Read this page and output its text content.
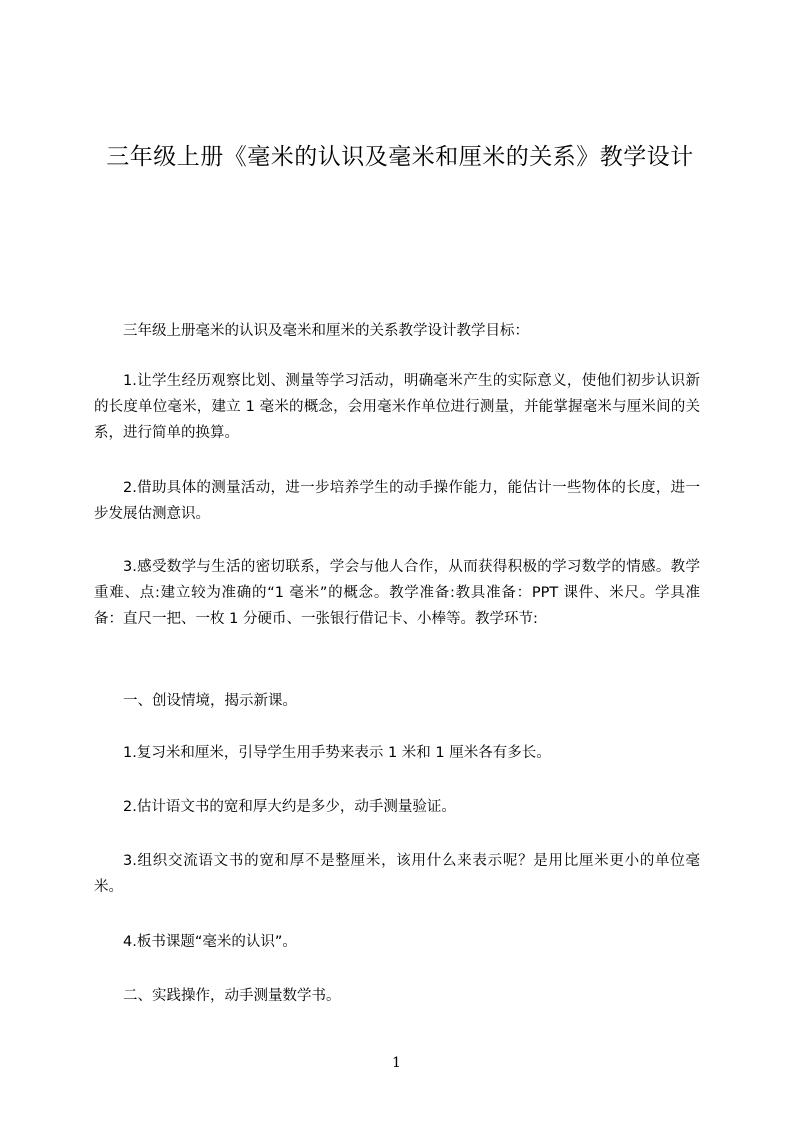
三年级上册《毫米的认识及毫米和厘米的关系》教学设计

三年级上册毫米的认识及毫米和厘米的关系教学设计教学目标：

1.让学生经历观察比划、测量等学习活动，明确毫米产生的实际意义，使他们初步认识新的长度单位毫米，建立 1 毫米的概念，会用毫米作单位进行测量，并能掌握毫米与厘米间的关系，进行简单的换算。

2.借助具体的测量活动，进一步培养学生的动手操作能力，能估计一些物体的长度，进一步发展估测意识。

3.感受数学与生活的密切联系，学会与他人合作，从而获得积极的学习数学的情感。教学重难、点:建立较为准确的“1 毫米”的概念。教学准备:教具准备：PPT 课件、米尺。学具准备：直尺一把、一枚 1 分硬币、一张银行借记卡、小棒等。教学环节:

一、创设情境，揭示新课。

1.复习米和厘米，引导学生用手势来表示 1 米和 1 厘米各有多长。

2.估计语文书的宽和厚大约是多少，动手测量验证。

3.组织交流语文书的宽和厚不是整厘米，该用什么来表示呢？是用比厘米更小的单位毫米。

4.板书课题“毫米的认识”。

二、实践操作，动手测量数学书。

1
